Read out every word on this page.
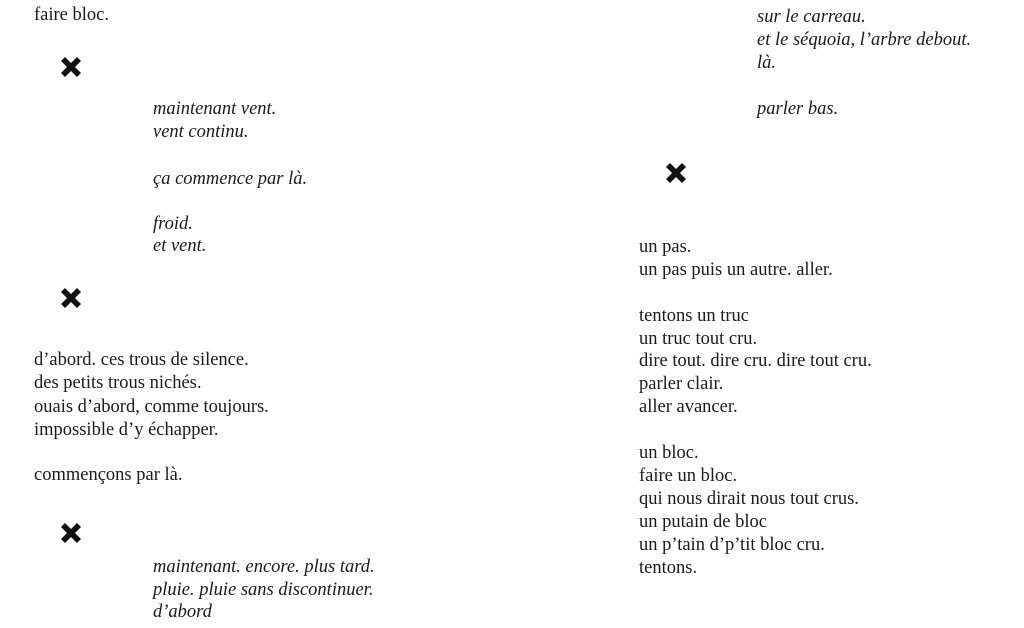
faire bloc.

maintenant vent.

vent continu.

ça commence par là.

froid.

et vent.

d’abord. ces trous de silence.

des petits trous nichés.

ouais d’abord, comme toujours.

impossible d’y échapper.

commençons par là.

maintenant. encore. plus tard.

pluie. pluie sans discontinuer.

d’abord

sur le carreau.

et le séquoia, l’arbre debout.

là.

parler bas.

un pas.

un pas puis un autre. aller.

tentons un truc

un truc tout cru.

dire tout. dire cru. dire tout cru.

parler clair.

aller avancer.

un bloc.

faire un bloc.

qui nous dirait nous tout crus.

un putain de bloc

un p’tain d’p’tit bloc cru.

tentons.
